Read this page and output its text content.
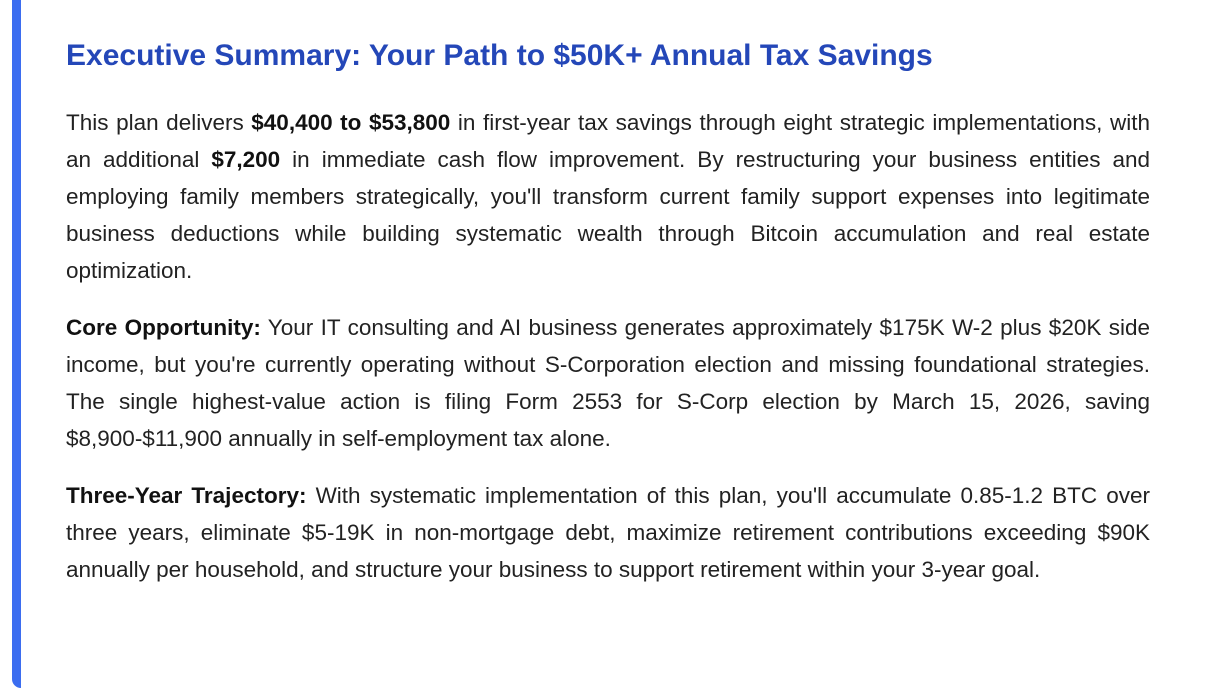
Executive Summary: Your Path to $50K+ Annual Tax Savings

This plan delivers $40,400 to $53,800 in first-year tax savings through eight strategic implementations, with an additional $7,200 in immediate cash flow improvement. By restructuring your business entities and employing family members strategically, you'll transform current family support expenses into legitimate business deductions while building systematic wealth through Bitcoin accumulation and real estate optimization.

Core Opportunity: Your IT consulting and AI business generates approximately $175K W-2 plus $20K side income, but you're currently operating without S-Corporation election and missing foundational strategies. The single highest-value action is filing Form 2553 for S-Corp election by March 15, 2026, saving $8,900-$11,900 annually in self-employment tax alone.

Three-Year Trajectory: With systematic implementation of this plan, you'll accumulate 0.85-1.2 BTC over three years, eliminate $5-19K in non-mortgage debt, maximize retirement contributions exceeding $90K annually per household, and structure your business to support retirement within your 3-year goal.
